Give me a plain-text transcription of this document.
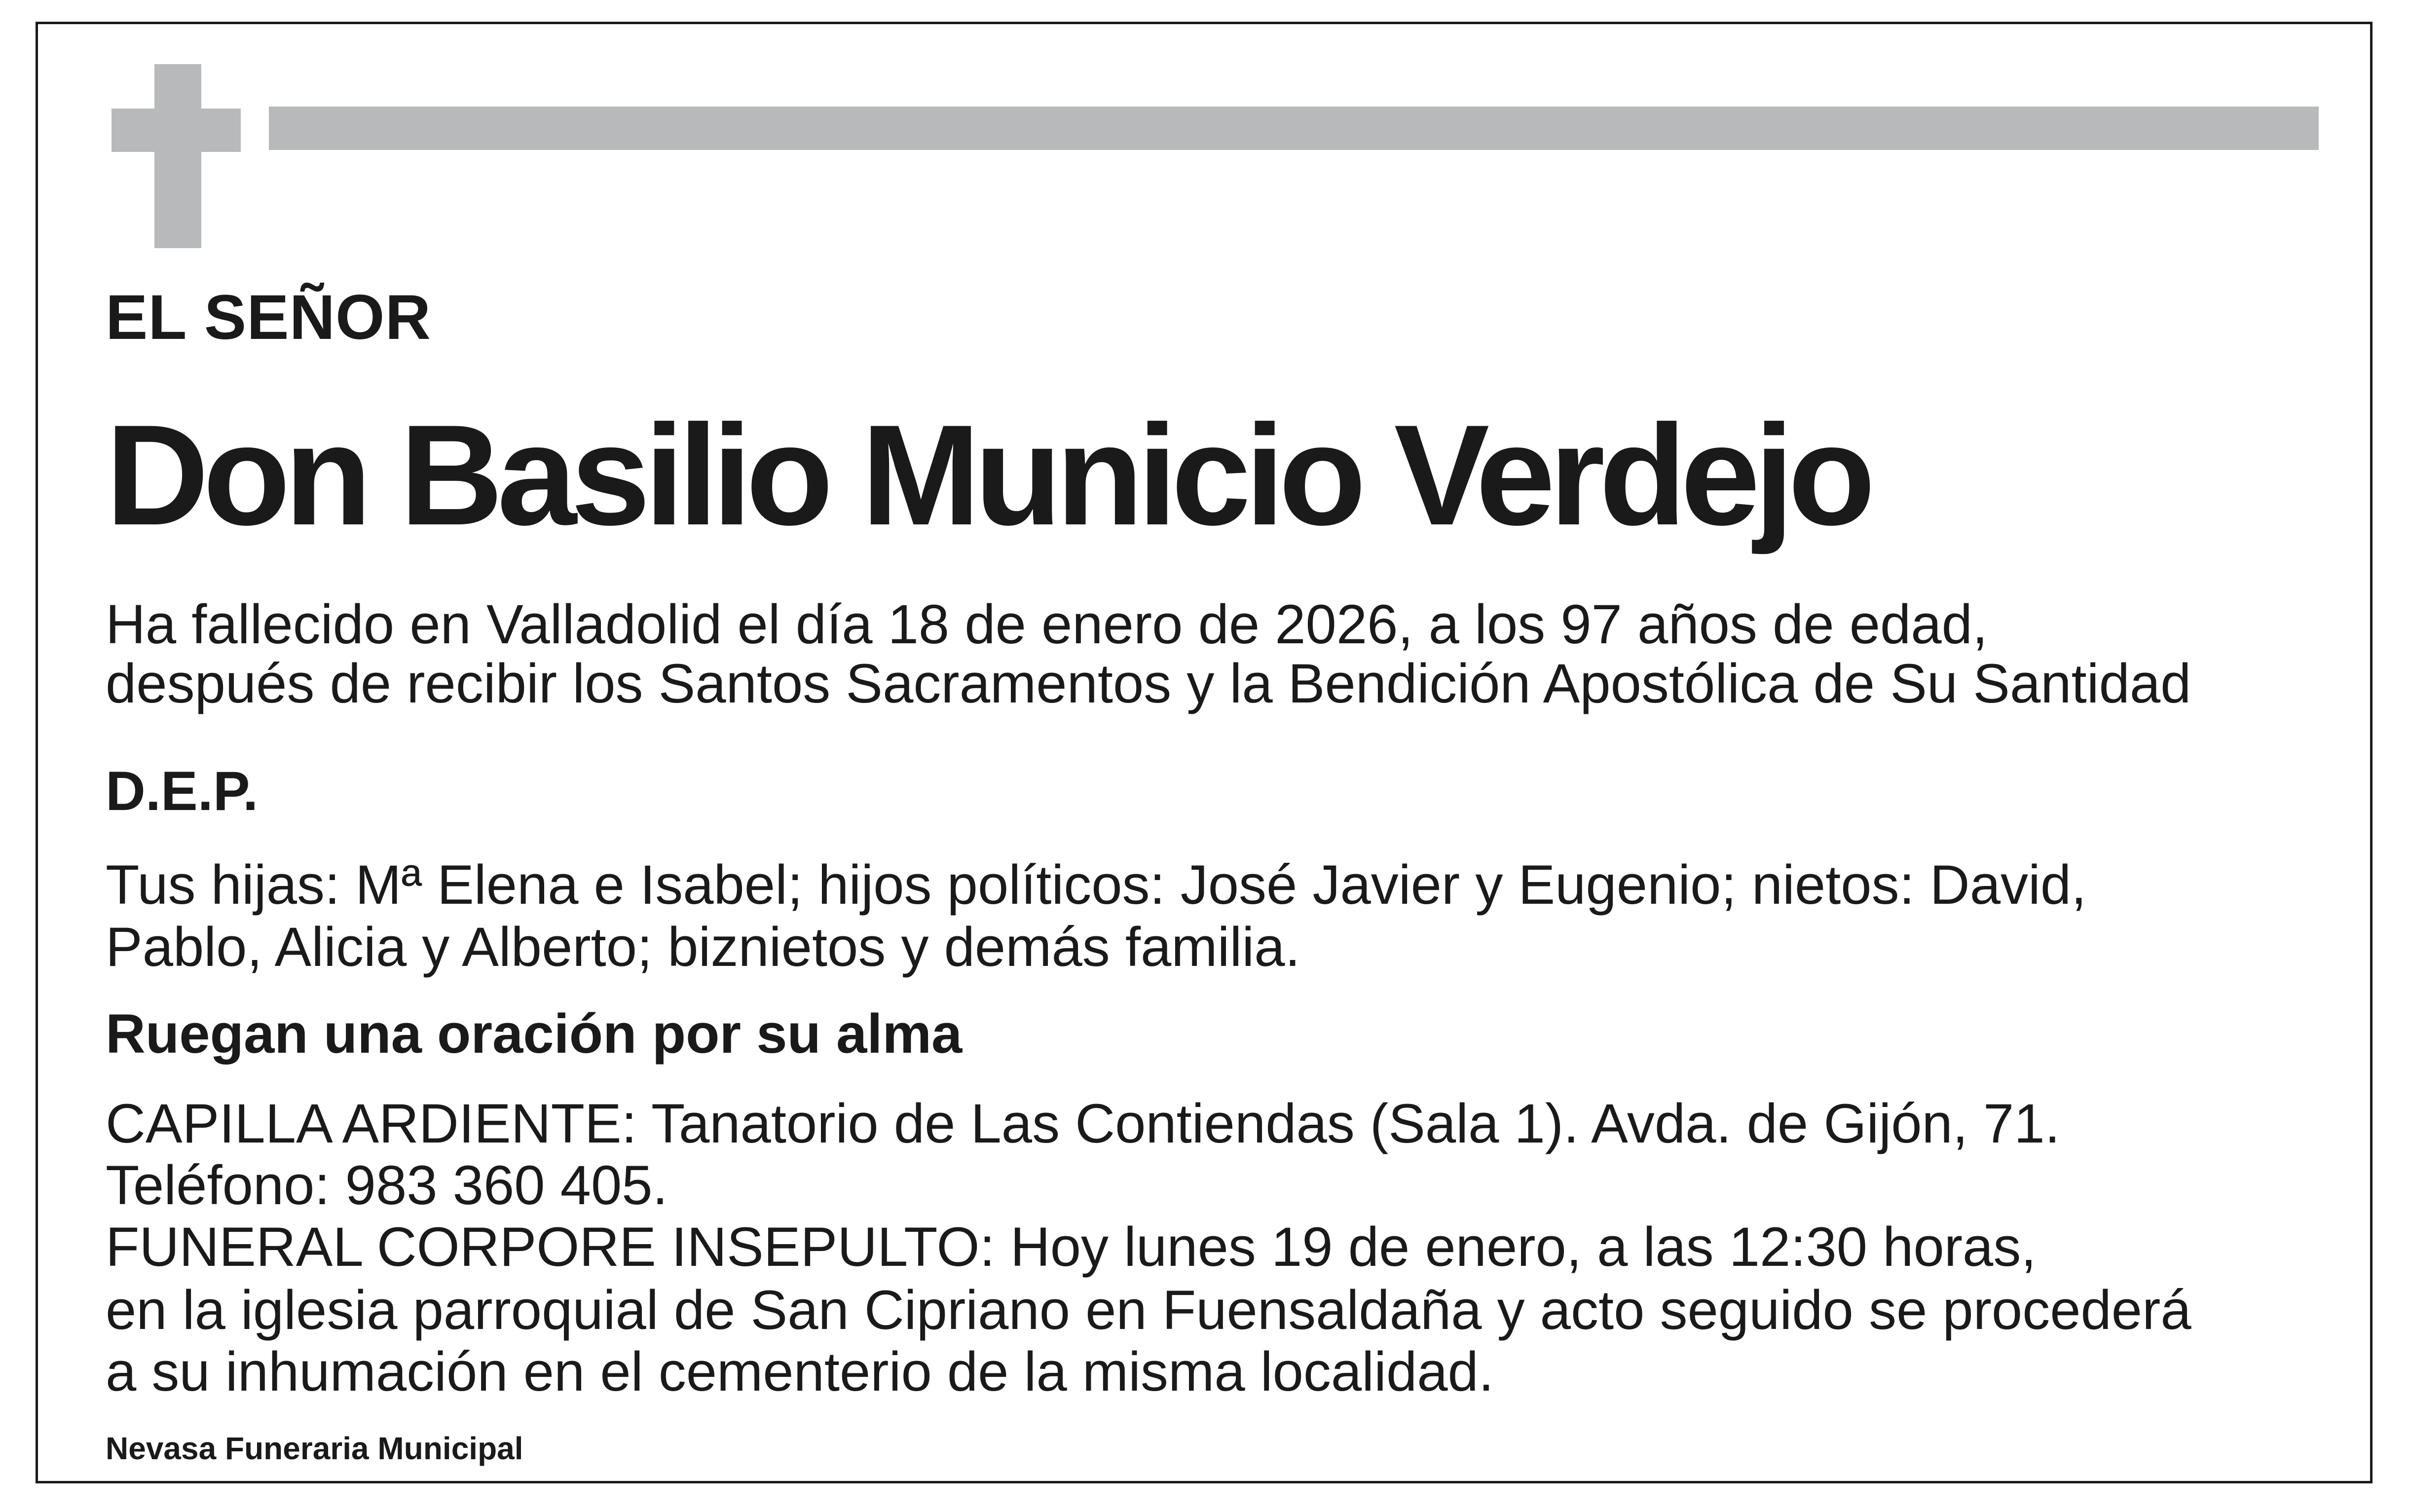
EL SEÑOR

Don Basilio Municio Verdejo

Ha fallecido en Valladolid el día 18 de enero de 2026, a los 97 años de edad,

después de recibir los Santos Sacramentos y la Bendición Apostólica de Su Santidad

D.E.P.

Tus hijas: Mª Elena e Isabel; hijos políticos: José Javier y Eugenio; nietos: David,

Pablo, Alicia y Alberto; biznietos y demás familia.

Ruegan una oración por su alma

CAPILLA ARDIENTE: Tanatorio de Las Contiendas (Sala 1). Avda. de Gijón, 71.

Teléfono: 983 360 405.

FUNERAL CORPORE INSEPULTO: Hoy lunes 19 de enero, a las 12:30 horas,

en la iglesia parroquial de San Cipriano en Fuensaldaña y acto seguido se procederá

a su inhumación en el cementerio de la misma localidad.

Nevasa Funeraria Municipal
